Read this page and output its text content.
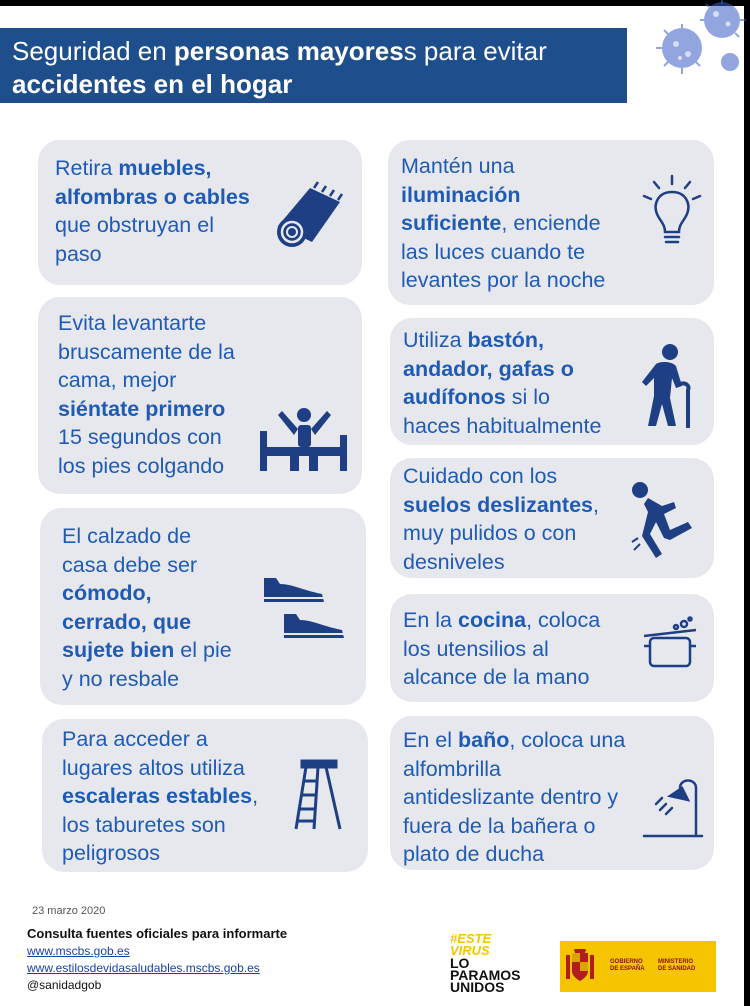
Seguridad en personas mayoress para evitar
accidentes en el hogar
Retira muebles,
alfombras o cables
que obstruyan el
paso
Mantén una
iluminación
suficiente, enciende
las luces cuando te
levantes por la noche
Evita levantarte
bruscamente de la
cama, mejor
siéntate primero
15 segundos con
los pies colgando
Utiliza bastón,
andador, gafas o
audífonos si lo
haces habitualmente
El calzado de
casa debe ser
cómodo,
cerrado, que
sujete bien el pie
y no resbale
Cuidado con los
suelos deslizantes,
muy pulidos o con
desniveles
Para acceder a
lugares altos utiliza
escaleras estables,
los taburetes son
peligrosos
En la cocina, coloca
los utensilios al
alcance de la mano
En el baño, coloca una
alfombrilla
antideslizante dentro y
fuera de la bañera o
plato de ducha
23 marzo 2020
Consulta fuentes oficiales para informarte
www.mscbs.gob.es
www.estilosdevidasaludables.mscbs.gob.es
@sanidadgob
#ESTE
VIRUS
LO
PARAMOS
UNIDOS
GOBIERNO
DE ESPAÑA
MINISTERIO
DE SANIDAD
